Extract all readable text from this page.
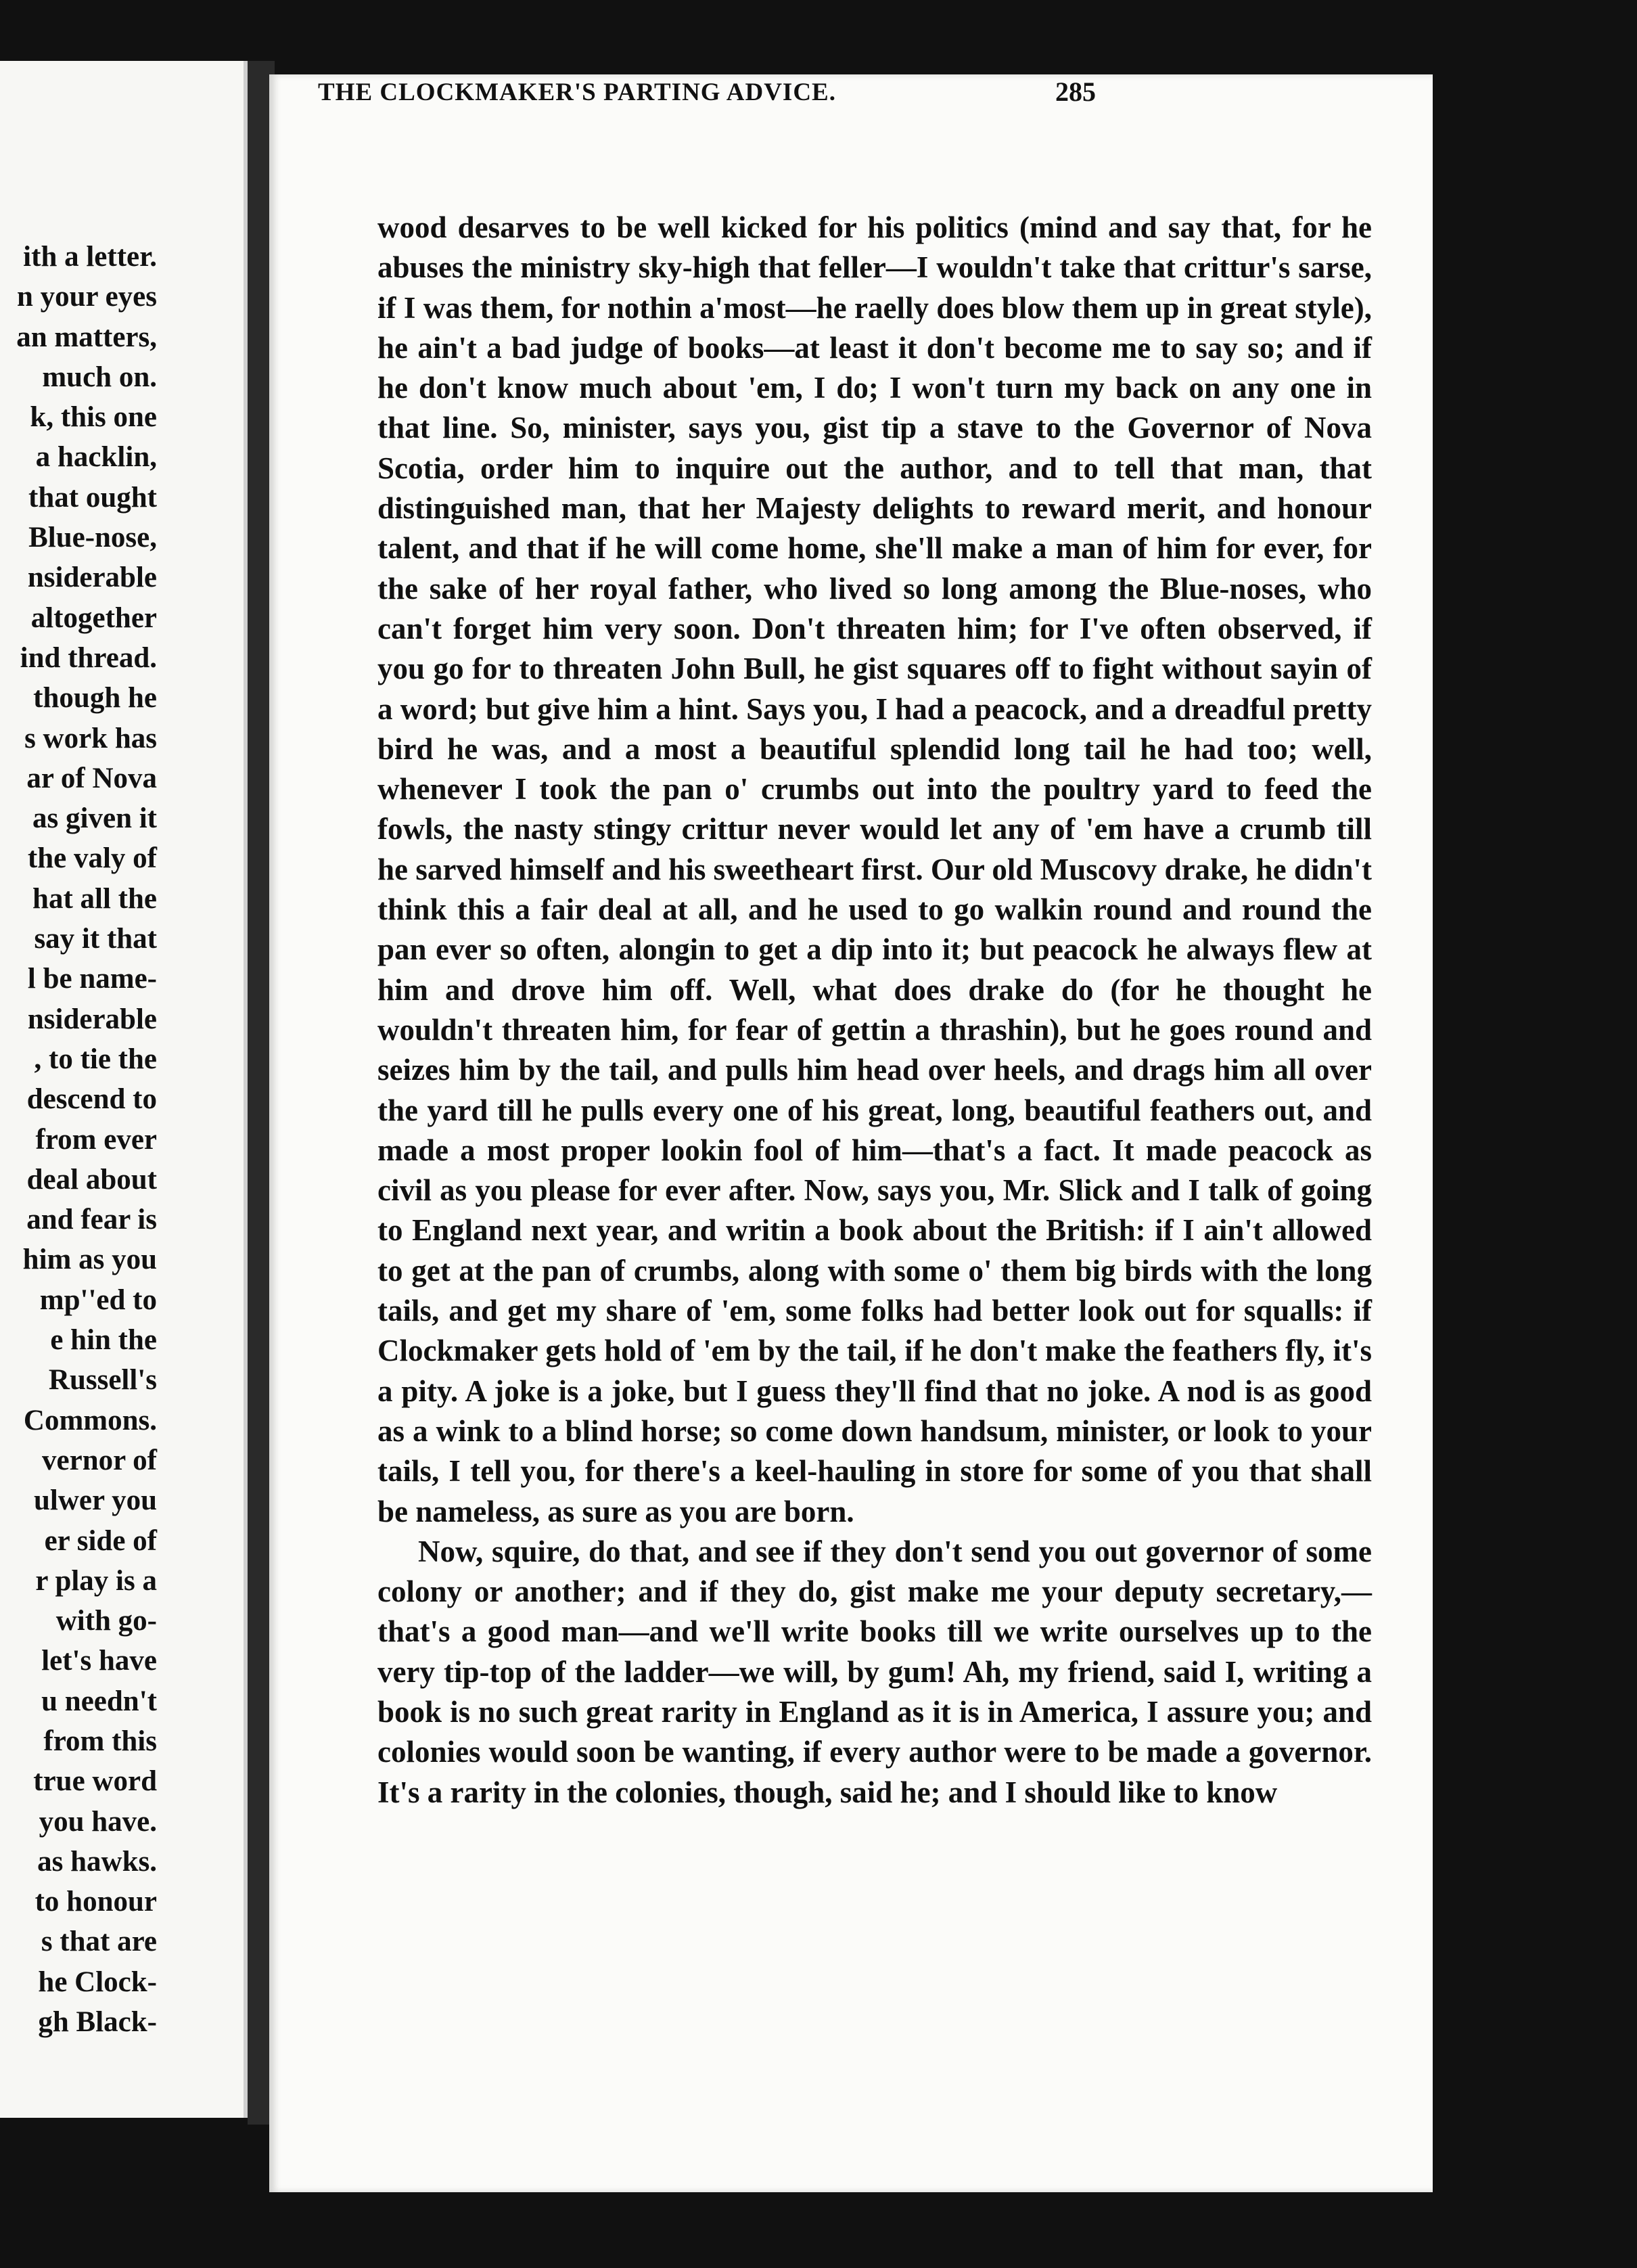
ith a letter.
n your eyes
an matters,
much on.
k, this one
a hacklin,
that ought
Blue-nose,
nsiderable
altogether
ind thread.
though he
s work has
ar of Nova
as given it
the valy of
hat all the
say it that
l be name-
nsiderable
, to tie the
descend to
from ever
deal about
and fear is
him as you
mp''ed to
e hin the
Russell's
Commons.
vernor of
ulwer you
er side of
r play is a
with go-
let's have
u needn't
from this
true word
you have.
as hawks.
to honour
s that are
he Clock-
gh Black-

wood desarves to be well kicked for his politics (mind and say that, for he abuses the ministry sky-high that feller—I wouldn't take that crittur's sarse, if I was them, for nothin a'most—he raelly does blow them up in great style), he ain't a bad judge of books—at least it don't become me to say so; and if he don't know much about 'em, I do; I won't turn my back on any one in that line. So, minister, says you, gist tip a stave to the Governor of Nova Scotia, order him to inquire out the author, and to tell that man, that distinguished man, that her Majesty delights to reward merit, and honour talent, and that if he will come home, she'll make a man of him for ever, for the sake of her royal father, who lived so long among the Blue-noses, who can't forget him very soon. Don't threaten him; for I've often observed, if you go for to threaten John Bull, he gist squares off to fight without sayin of a word; but give him a hint. Says you, I had a peacock, and a dreadful pretty bird he was, and a most a beautiful splendid long tail he had too; well, whenever I took the pan o' crumbs out into the poultry yard to feed the fowls, the nasty stingy crittur never would let any of 'em have a crumb till he sarved himself and his sweetheart first. Our old Muscovy drake, he didn't think this a fair deal at all, and he used to go walkin round and round the pan ever so often, alongin to get a dip into it; but peacock he always flew at him and drove him off. Well, what does drake do (for he thought he wouldn't threaten him, for fear of gettin a thrashin), but he goes round and seizes him by the tail, and pulls him head over heels, and drags him all over the yard till he pulls every one of his great, long, beautiful feathers out, and made a most proper lookin fool of him—that's a fact. It made peacock as civil as you please for ever after. Now, says you, Mr. Slick and I talk of going to England next year, and writin a book about the British: if I ain't allowed to get at the pan of crumbs, along with some o' them big birds with the long tails, and get my share of 'em, some folks had better look out for squalls: if Clockmaker gets hold of 'em by the tail, if he don't make the feathers fly, it's a pity. A joke is a joke, but I guess they'll find that no joke. A nod is as good as a wink to a blind horse; so come down handsum, minister, or look to your tails, I tell you, for there's a keel-hauling in store for some of you that shall be nameless, as sure as you are born.

Now, squire, do that, and see if they don't send you out governor of some colony or another; and if they do, gist make me your deputy secretary,—that's a good man—and we'll write books till we write ourselves up to the very tip-top of the ladder—we will, by gum! Ah, my friend, said I, writing a book is no such great rarity in England as it is in America, I assure you; and colonies would soon be wanting, if every author were to be made a governor. It's a rarity in the colonies, though, said he; and I should like to know

THE CLOCKMAKER'S PARTING ADVICE.	285
